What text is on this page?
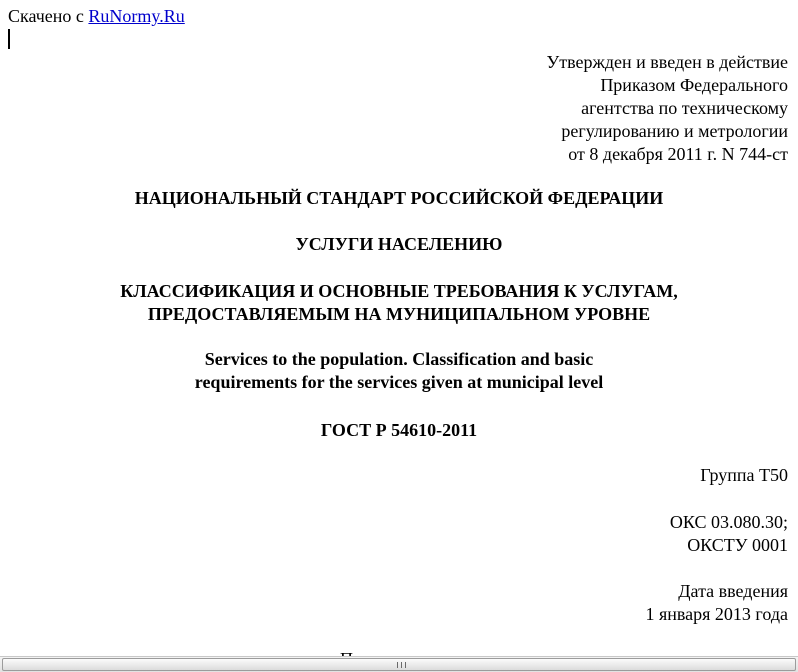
Скачено с RuNormy.Ru
Утвержден и введен в действие
Приказом Федерального
агентства по техническому
регулированию и метрологии
от 8 декабря 2011 г. N 744-ст
НАЦИОНАЛЬНЫЙ СТАНДАРТ РОССИЙСКОЙ ФЕДЕРАЦИИ
УСЛУГИ НАСЕЛЕНИЮ
КЛАССИФИКАЦИЯ И ОСНОВНЫЕ ТРЕБОВАНИЯ К УСЛУГАМ,
ПРЕДОСТАВЛЯЕМЫМ НА МУНИЦИПАЛЬНОМ УРОВНЕ
Services to the population. Classification and basic
requirements for the services given at municipal level
ГОСТ Р 54610-2011
Группа Т50
ОКС 03.080.30;
ОКСТУ 0001
Дата введения
1 января 2013 года
